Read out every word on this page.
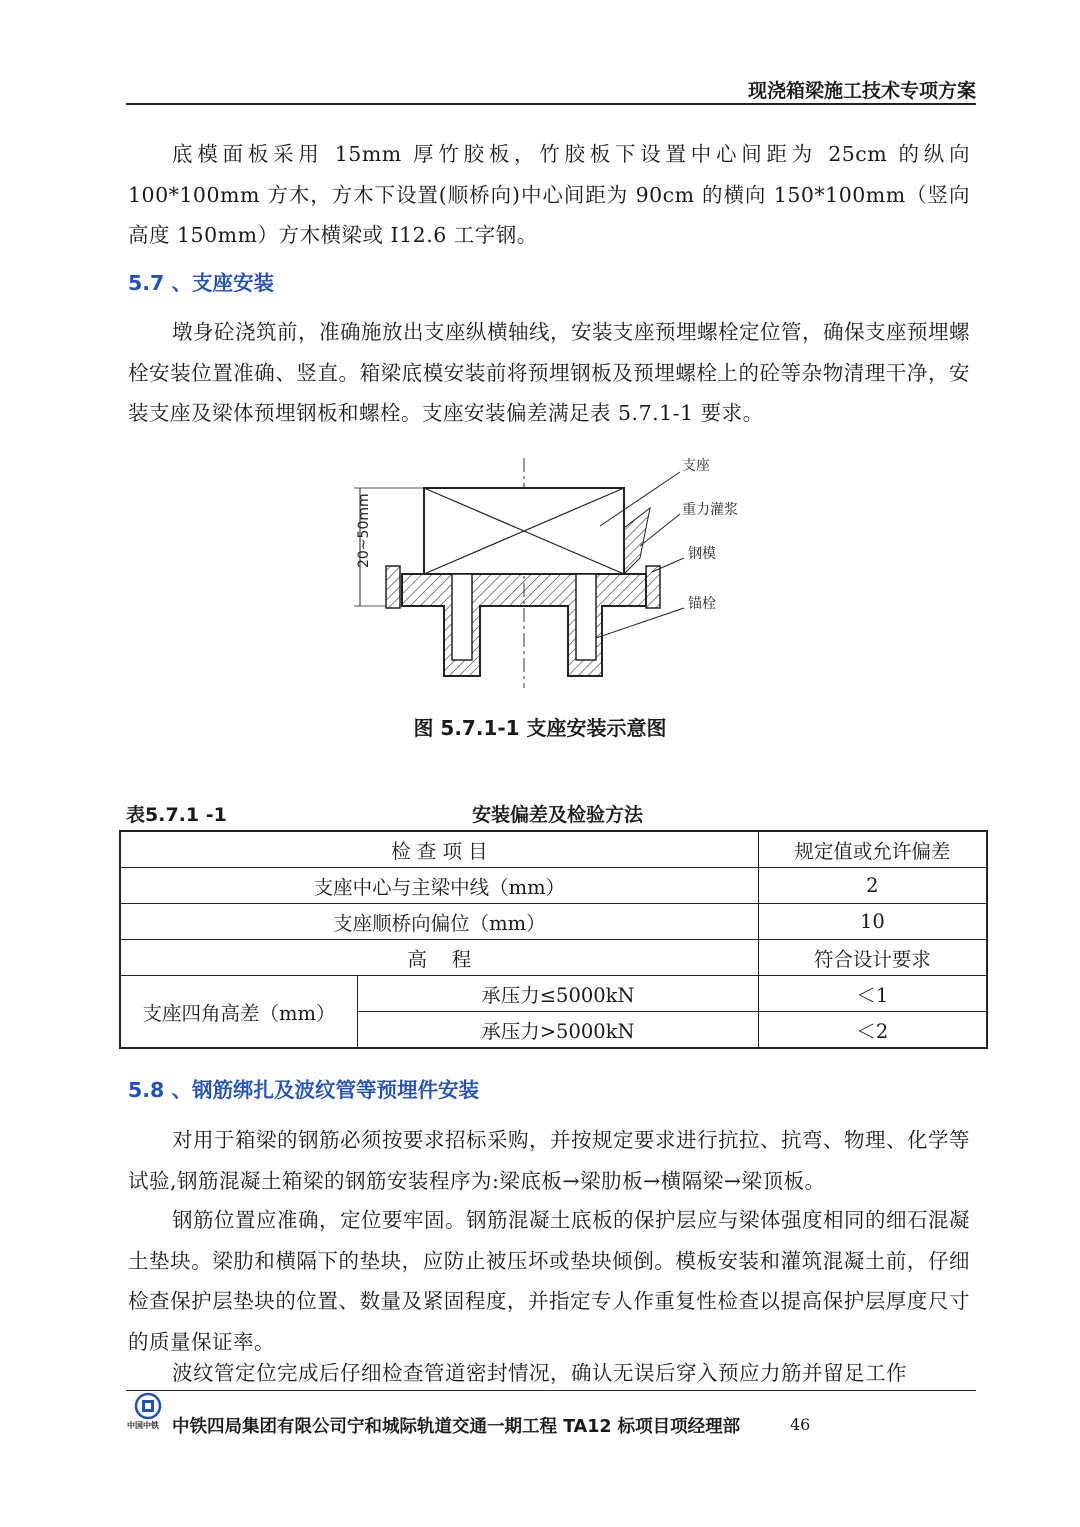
现浇箱梁施工技术专项方案

底模面板采用 15mm 厚竹胶板，竹胶板下设置中心间距为 25cm 的纵向 100*100mm 方木，方木下设置(顺桥向)中心间距为 90cm 的横向 150*100mm（竖向高度 150mm）方木横梁或 I12.6 工字钢。

5.7 、支座安装

墩身砼浇筑前，准确施放出支座纵横轴线，安装支座预埋螺栓定位管，确保支座预埋螺栓安装位置准确、竖直。箱梁底模安装前将预埋钢板及预埋螺栓上的砼等杂物清理干净，安装支座及梁体预埋钢板和螺栓。支座安装偏差满足表 5.7.1-1 要求。

20~50mm
支座
重力灌浆
钢模
锚栓
图 5.7.1-1 支座安装示意图
表5.7.1 -1	安装偏差及检验方法
检 查 项 目		规定值或允许偏差
支座中心与主梁中线（mm）		2
支座顺桥向偏位（mm）		10
高    程		符合设计要求
支座四角高差（mm）	承压力≤5000kN	＜1
	承压力>5000kN	＜2
5.8 、钢筋绑扎及波纹管等预埋件安装

对用于箱梁的钢筋必须按要求招标采购，并按规定要求进行抗拉、抗弯、物理、化学等试验,钢筋混凝土箱梁的钢筋安装程序为:梁底板→梁肋板→横隔梁→梁顶板。

钢筋位置应准确，定位要牢固。钢筋混凝土底板的保护层应与梁体强度相同的细石混凝土垫块。梁肋和横隔下的垫块，应防止被压坏或垫块倾倒。模板安装和灌筑混凝土前，仔细检查保护层垫块的位置、数量及紧固程度，并指定专人作重复性检查以提高保护层厚度尺寸的质量保证率。

波纹管定位完成后仔细检查管道密封情况，确认无误后穿入预应力筋并留足工作

中国中铁 中铁四局集团有限公司宁和城际轨道交通一期工程 TA12 标项目项经理部	46
